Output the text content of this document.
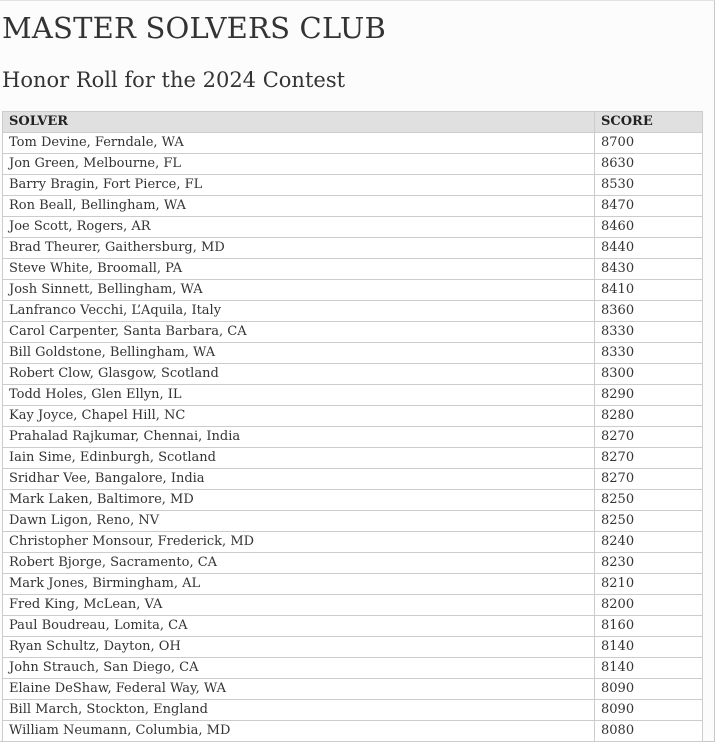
MASTER SOLVERS CLUB
Honor Roll for the 2024 Contest
SOLVER	SCORE
Tom Devine, Ferndale, WA	8700
Jon Green, Melbourne, FL	8630
Barry Bragin, Fort Pierce, FL	8530
Ron Beall, Bellingham, WA	8470
Joe Scott, Rogers, AR	8460
Brad Theurer, Gaithersburg, MD	8440
Steve White, Broomall, PA	8430
Josh Sinnett, Bellingham, WA	8410
Lanfranco Vecchi, L’Aquila, Italy	8360
Carol Carpenter, Santa Barbara, CA	8330
Bill Goldstone, Bellingham, WA	8330
Robert Clow, Glasgow, Scotland	8300
Todd Holes, Glen Ellyn, IL	8290
Kay Joyce, Chapel Hill, NC	8280
Prahalad Rajkumar, Chennai, India	8270
Iain Sime, Edinburgh, Scotland	8270
Sridhar Vee, Bangalore, India	8270
Mark Laken, Baltimore, MD	8250
Dawn Ligon, Reno, NV	8250
Christopher Monsour, Frederick, MD	8240
Robert Bjorge, Sacramento, CA	8230
Mark Jones, Birmingham, AL	8210
Fred King, McLean, VA	8200
Paul Boudreau, Lomita, CA	8160
Ryan Schultz, Dayton, OH	8140
John Strauch, San Diego, CA	8140
Elaine DeShaw, Federal Way, WA	8090
Bill March, Stockton, England	8090
William Neumann, Columbia, MD	8080
